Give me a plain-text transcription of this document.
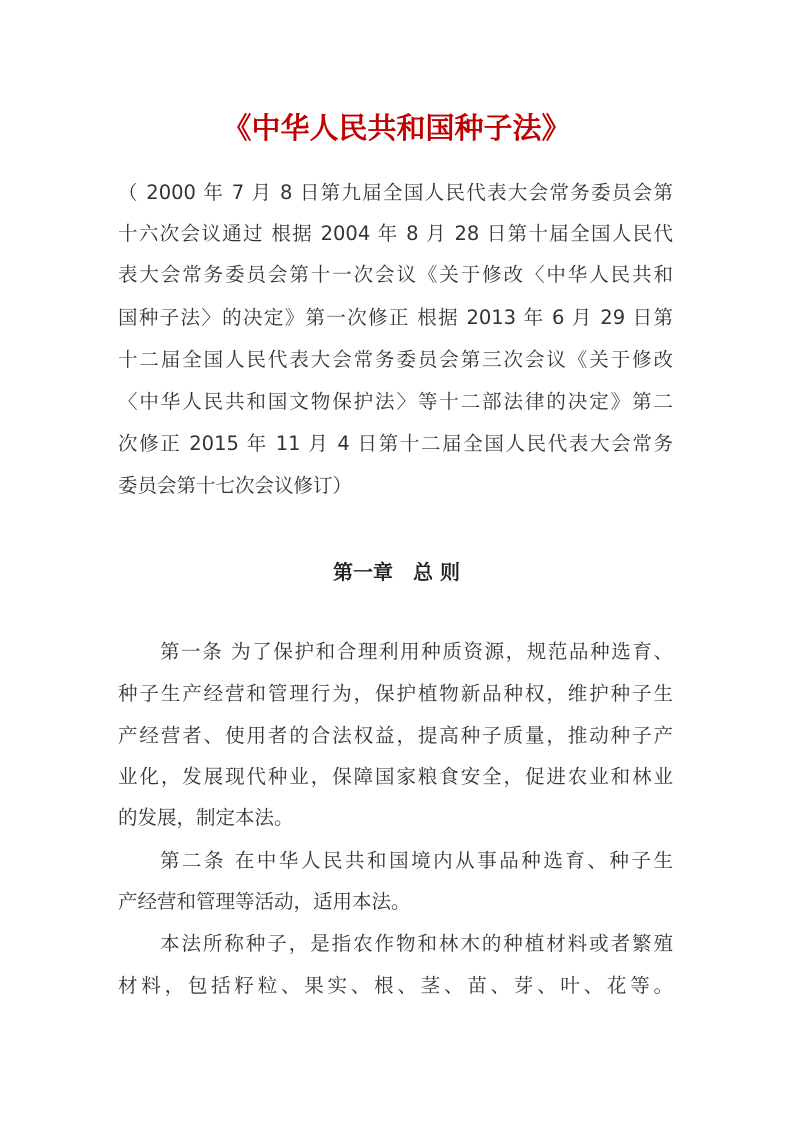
《中华人民共和国种子法》
（ 2000 年 7 月 8 日第九届全国人民代表大会常务委员会第
十六次会议通过 根据 2004 年 8 月 28 日第十届全国人民代
表大会常务委员会第十一次会议《关于修改〈中华人民共和
国种子法〉的决定》第一次修正 根据 2013 年 6 月 29 日第
十二届全国人民代表大会常务委员会第三次会议《关于修改
〈中华人民共和国文物保护法〉等十二部法律的决定》第二
次修正 2015 年 11 月 4 日第十二届全国人民代表大会常务
委员会第十七次会议修订）
第一章　总 则
第一条 为了保护和合理利用种质资源，规范品种选育、
种子生产经营和管理行为，保护植物新品种权，维护种子生
产经营者、使用者的合法权益，提高种子质量，推动种子产
业化，发展现代种业，保障国家粮食安全，促进农业和林业
的发展，制定本法。
第二条 在中华人民共和国境内从事品种选育、种子生
产经营和管理等活动，适用本法。
本法所称种子，是指农作物和林木的种植材料或者繁殖
材料，包括籽粒、果实、根、茎、苗、芽、叶、花等。
